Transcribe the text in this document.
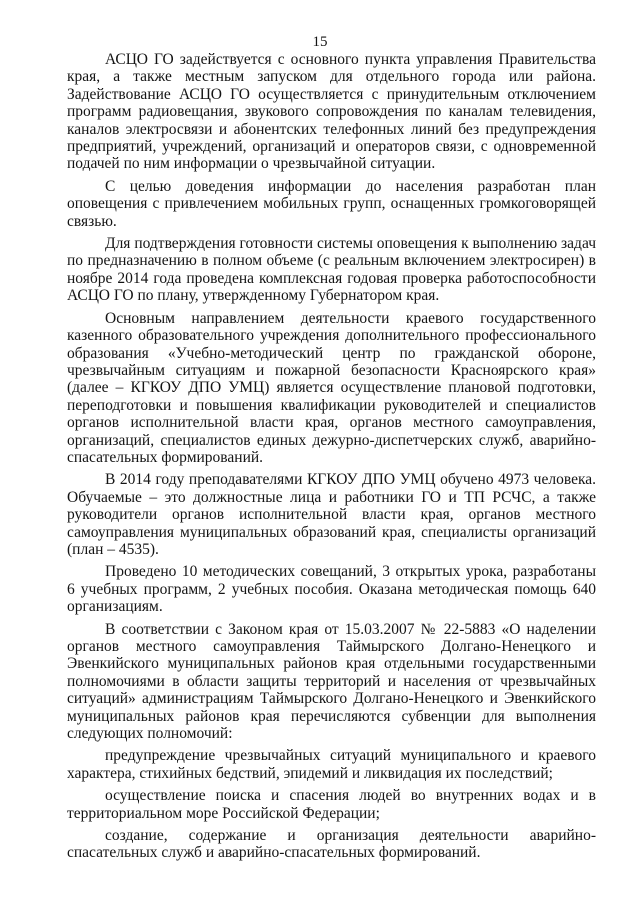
15

АСЦО ГО задействуется с основного пункта управления Правительства края, а также местным запуском для отдельного города или района. Задействование АСЦО ГО осуществляется с принудительным отключением программ радиовещания, звукового сопровождения по каналам телевидения, каналов электросвязи и абонентских телефонных линий без предупреждения предприятий, учреждений, организаций и операторов связи, с одновременной подачей по ним информации о чрезвычайной ситуации.

С целью доведения информации до населения разработан план оповещения с привлечением мобильных групп, оснащенных громкоговорящей связью.

Для подтверждения готовности системы оповещения к выполнению задач по предназначению в полном объеме (с реальным включением электросирен) в ноябре 2014 года проведена комплексная годовая проверка работоспособности АСЦО ГО по плану, утвержденному Губернатором края.

Основным направлением деятельности краевого государственного казенного образовательного учреждения дополнительного профессионального образования «Учебно-методический центр по гражданской обороне, чрезвычайным ситуациям и пожарной безопасности Красноярского края» (далее – КГКОУ ДПО УМЦ) является осуществление плановой подготовки, переподготовки и повышения квалификации руководителей и специалистов органов исполнительной власти края, органов местного самоуправления, организаций, специалистов единых дежурно-диспетчерских служб, аварийно-спасательных формирований.

В 2014 году преподавателями КГКОУ ДПО УМЦ обучено 4973 человека. Обучаемые – это должностные лица и работники ГО и ТП РСЧС, а также руководители органов исполнительной власти края, органов местного самоуправления муниципальных образований края, специалисты организаций (план – 4535).

Проведено 10 методических совещаний, 3 открытых урока, разработаны 6 учебных программ, 2 учебных пособия. Оказана методическая помощь 640 организациям.

В соответствии с Законом края от 15.03.2007 № 22-5883 «О наделении органов местного самоуправления Таймырского Долгано-Ненецкого и Эвенкийского муниципальных районов края отдельными государственными полномочиями в области защиты территорий и населения от чрезвычайных ситуаций» администрациям Таймырского Долгано-Ненецкого и Эвенкийского муниципальных районов края перечисляются субвенции для выполнения следующих полномочий:

предупреждение чрезвычайных ситуаций муниципального и краевого характера, стихийных бедствий, эпидемий и ликвидация их последствий;

осуществление поиска и спасения людей во внутренних водах и в территориальном море Российской Федерации;

создание, содержание и организация деятельности аварийно-спасательных служб и аварийно-спасательных формирований.
